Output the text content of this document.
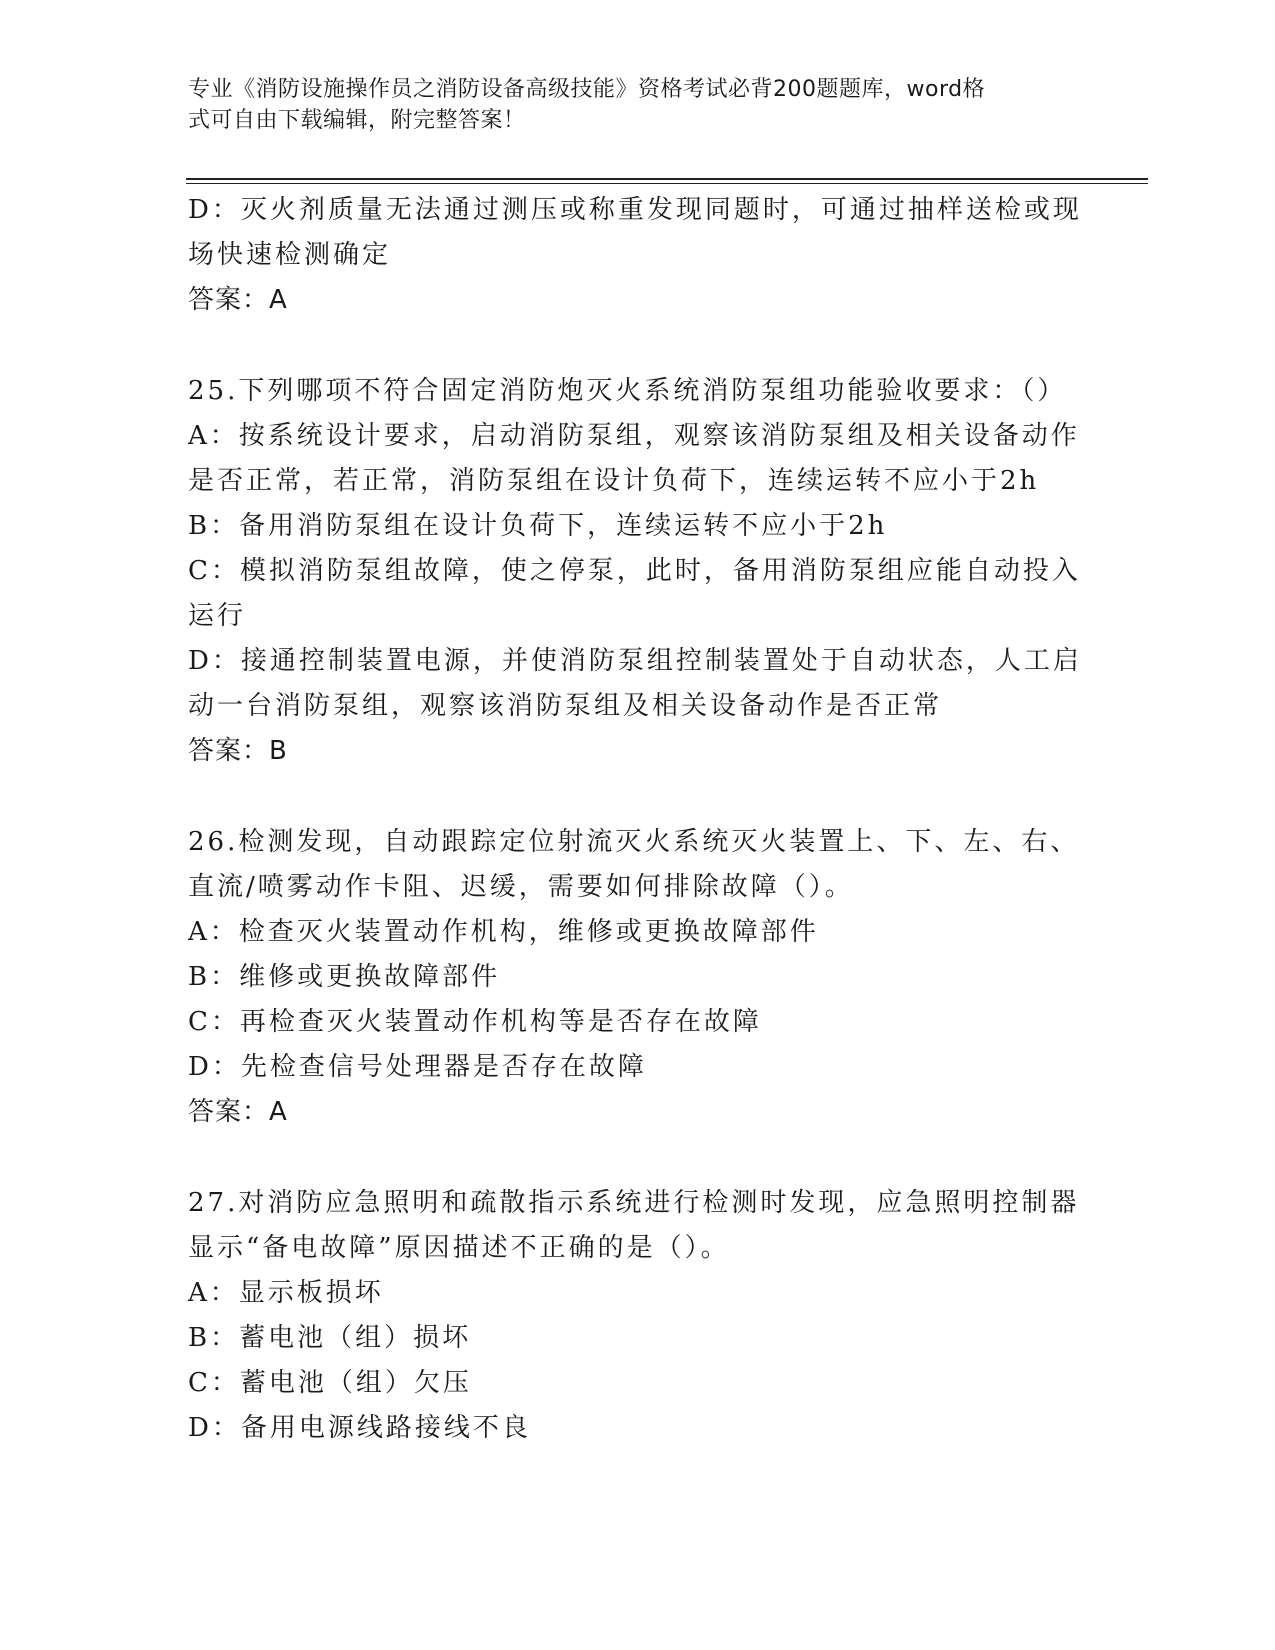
专业《消防设施操作员之消防设备高级技能》资格考试必背200题题库，word格
式可自由下载编辑，附完整答案！

D：灭火剂质量无法通过测压或称重发现同题时，可通过抽样送检或现

场快速检测确定

答案：A

25.下列哪项不符合固定消防炮灭火系统消防泵组功能验收要求：（）

A：按系统设计要求，启动消防泵组，观察该消防泵组及相关设备动作

是否正常，若正常，消防泵组在设计负荷下，连续运转不应小于2h

B：备用消防泵组在设计负荷下，连续运转不应小于2h

C：模拟消防泵组故障，使之停泵，此时，备用消防泵组应能自动投入

运行

D：接通控制装置电源，并使消防泵组控制装置处于自动状态，人工启

动一台消防泵组，观察该消防泵组及相关设备动作是否正常

答案：B

26.检测发现，自动跟踪定位射流灭火系统灭火装置上、下、左、右、

直流/喷雾动作卡阻、迟缓，需要如何排除故障（）。

A：检查灭火装置动作机构，维修或更换故障部件

B：维修或更换故障部件

C：再检查灭火装置动作机构等是否存在故障

D：先检查信号处理器是否存在故障

答案：A

27.对消防应急照明和疏散指示系统进行检测时发现，应急照明控制器

显示“备电故障”原因描述不正确的是（）。

A：显示板损坏

B：蓄电池（组）损坏

C：蓄电池（组）欠压

D：备用电源线路接线不良
